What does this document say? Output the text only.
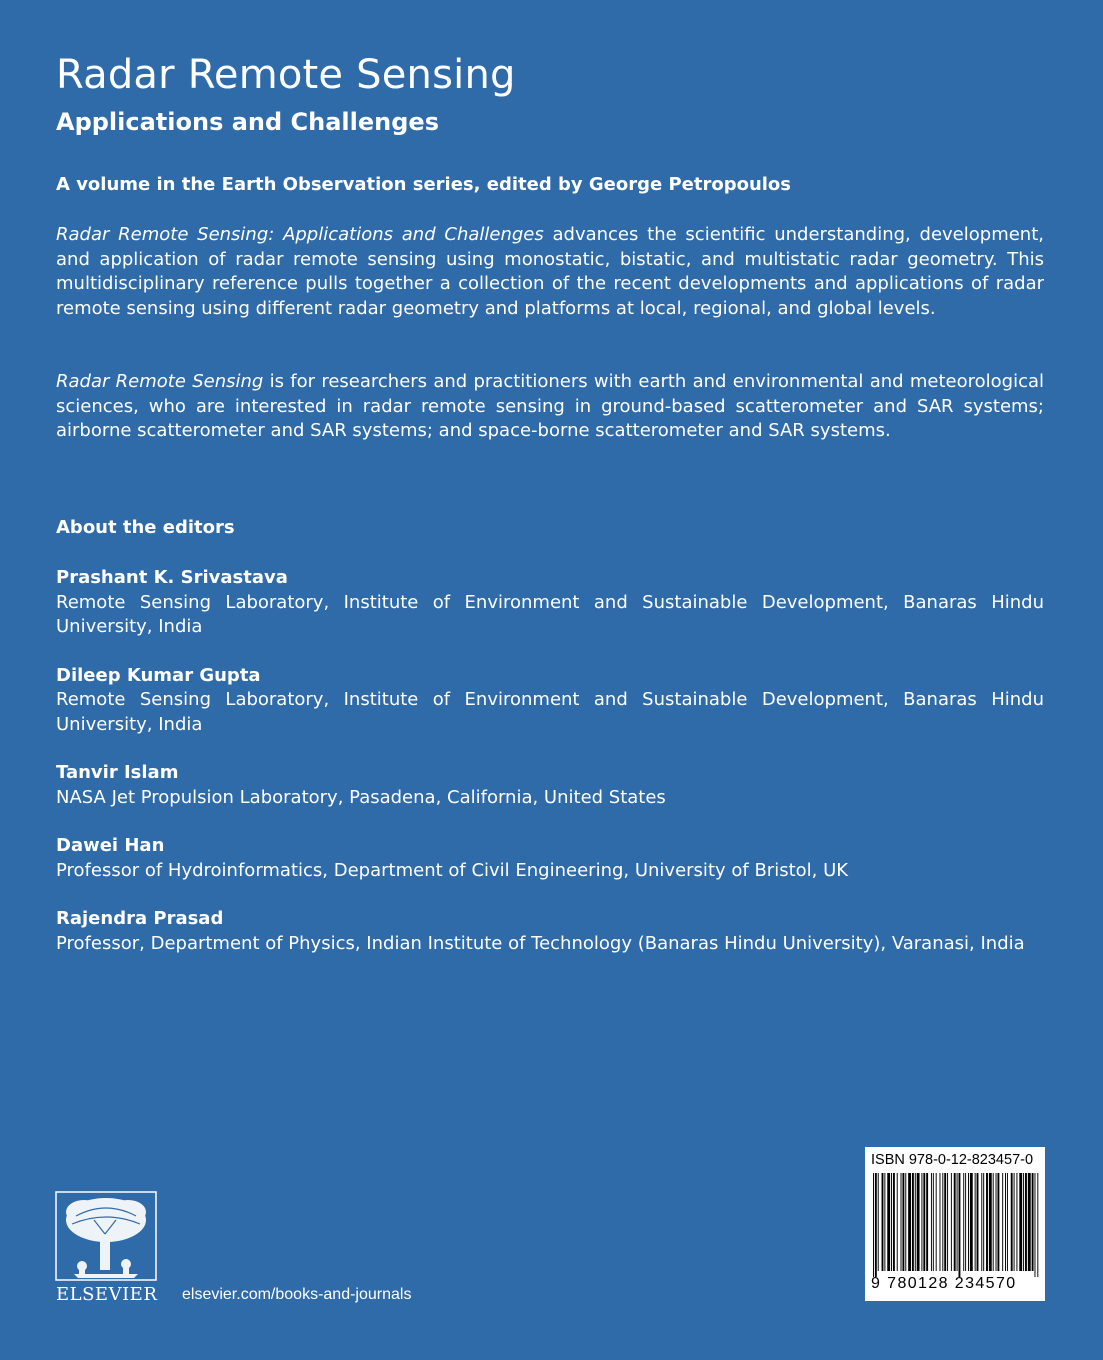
Radar Remote Sensing
Applications and Challenges

A volume in the Earth Observation series, edited by George Petropoulos

Radar Remote Sensing: Applications and Challenges advances the scientific understanding, development, and application of radar remote sensing using monostatic, bistatic, and multistatic radar geometry. This multidisciplinary reference pulls together a collection of the recent developments and applications of radar remote sensing using different radar geometry and platforms at local, regional, and global levels.

Radar Remote Sensing is for researchers and practitioners with earth and environmental and meteorological sciences, who are interested in radar remote sensing in ground-based scatterometer and SAR systems; airborne scatterometer and SAR systems; and space-borne scatterometer and SAR systems.

About the editors

Prashant K. Srivastava
Remote Sensing Laboratory, Institute of Environment and Sustainable Development, Banaras Hindu University, India
Dileep Kumar Gupta
Remote Sensing Laboratory, Institute of Environment and Sustainable Development, Banaras Hindu University, India
Tanvir Islam
NASA Jet Propulsion Laboratory, Pasadena, California, United States
Dawei Han
Professor of Hydroinformatics, Department of Civil Engineering, University of Bristol, UK
Rajendra Prasad
Professor, Department of Physics, Indian Institute of Technology (Banaras Hindu University), Varanasi, India
ELSEVIER elsevier.com/books-and-journals
ISBN 978-0-12-823457-0
9 780128 234570
